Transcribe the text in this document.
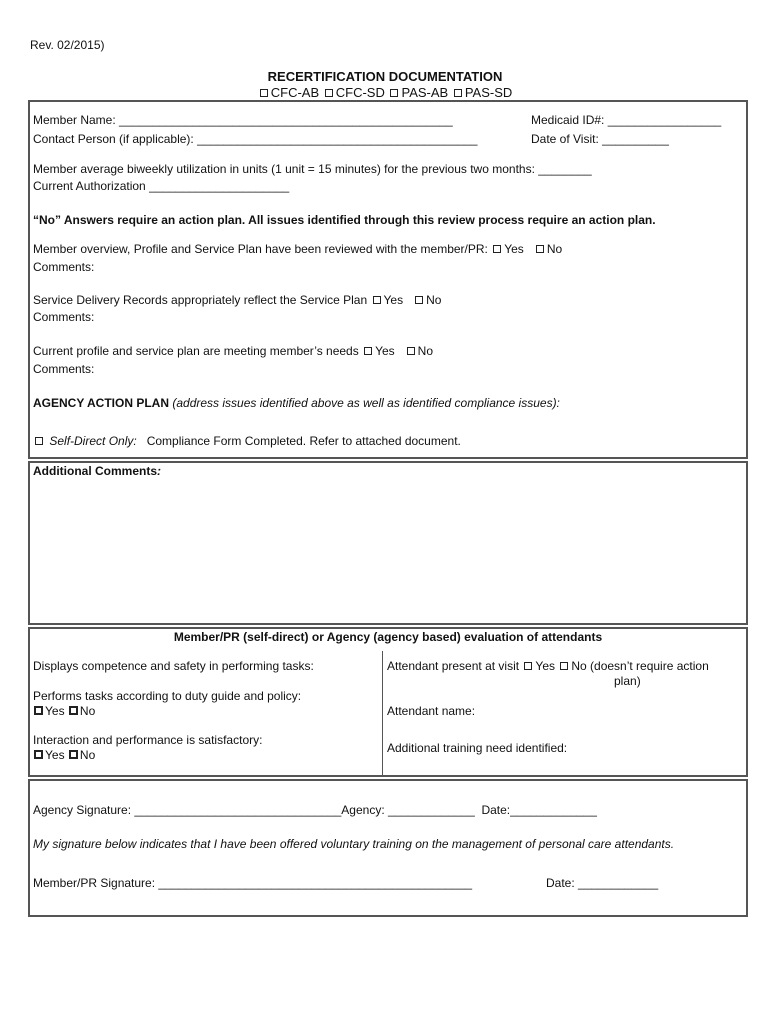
Rev. 02/2015)
RECERTIFICATION DOCUMENTATION
CFC-AB CFC-SD PAS-AB PAS-SD
Member Name: __________________________________________________	Medicaid ID#: _________________
Contact Person (if applicable): __________________________________________	Date of Visit: __________
Member average biweekly utilization in units (1 unit = 15 minutes) for the previous two months: ________
Current Authorization _____________________
“No” Answers require an action plan. All issues identified through this review process require an action plan.
Member overview, Profile and Service Plan have been reviewed with the member/PR: Yes No
Comments:
Service Delivery Records appropriately reflect the Service Plan Yes No
Comments:
Current profile and service plan are meeting member’s needs Yes No
Comments:
AGENCY ACTION PLAN (address issues identified above as well as identified compliance issues):
Self-Direct Only: Compliance Form Completed. Refer to attached document.
Additional Comments:
Member/PR (self-direct) or Agency (agency based) evaluation of attendants
Displays competence and safety in performing tasks:
Performs tasks according to duty guide and policy:
Yes No
Interaction and performance is satisfactory:
Yes No
Attendant present at visit Yes No (doesn’t require action
plan)
Attendant name:
Additional training need identified:
Agency Signature: _______________________________Agency: _____________ Date:_____________
My signature below indicates that I have been offered voluntary training on the management of personal care attendants.
Member/PR Signature: _______________________________________________	Date: ____________
